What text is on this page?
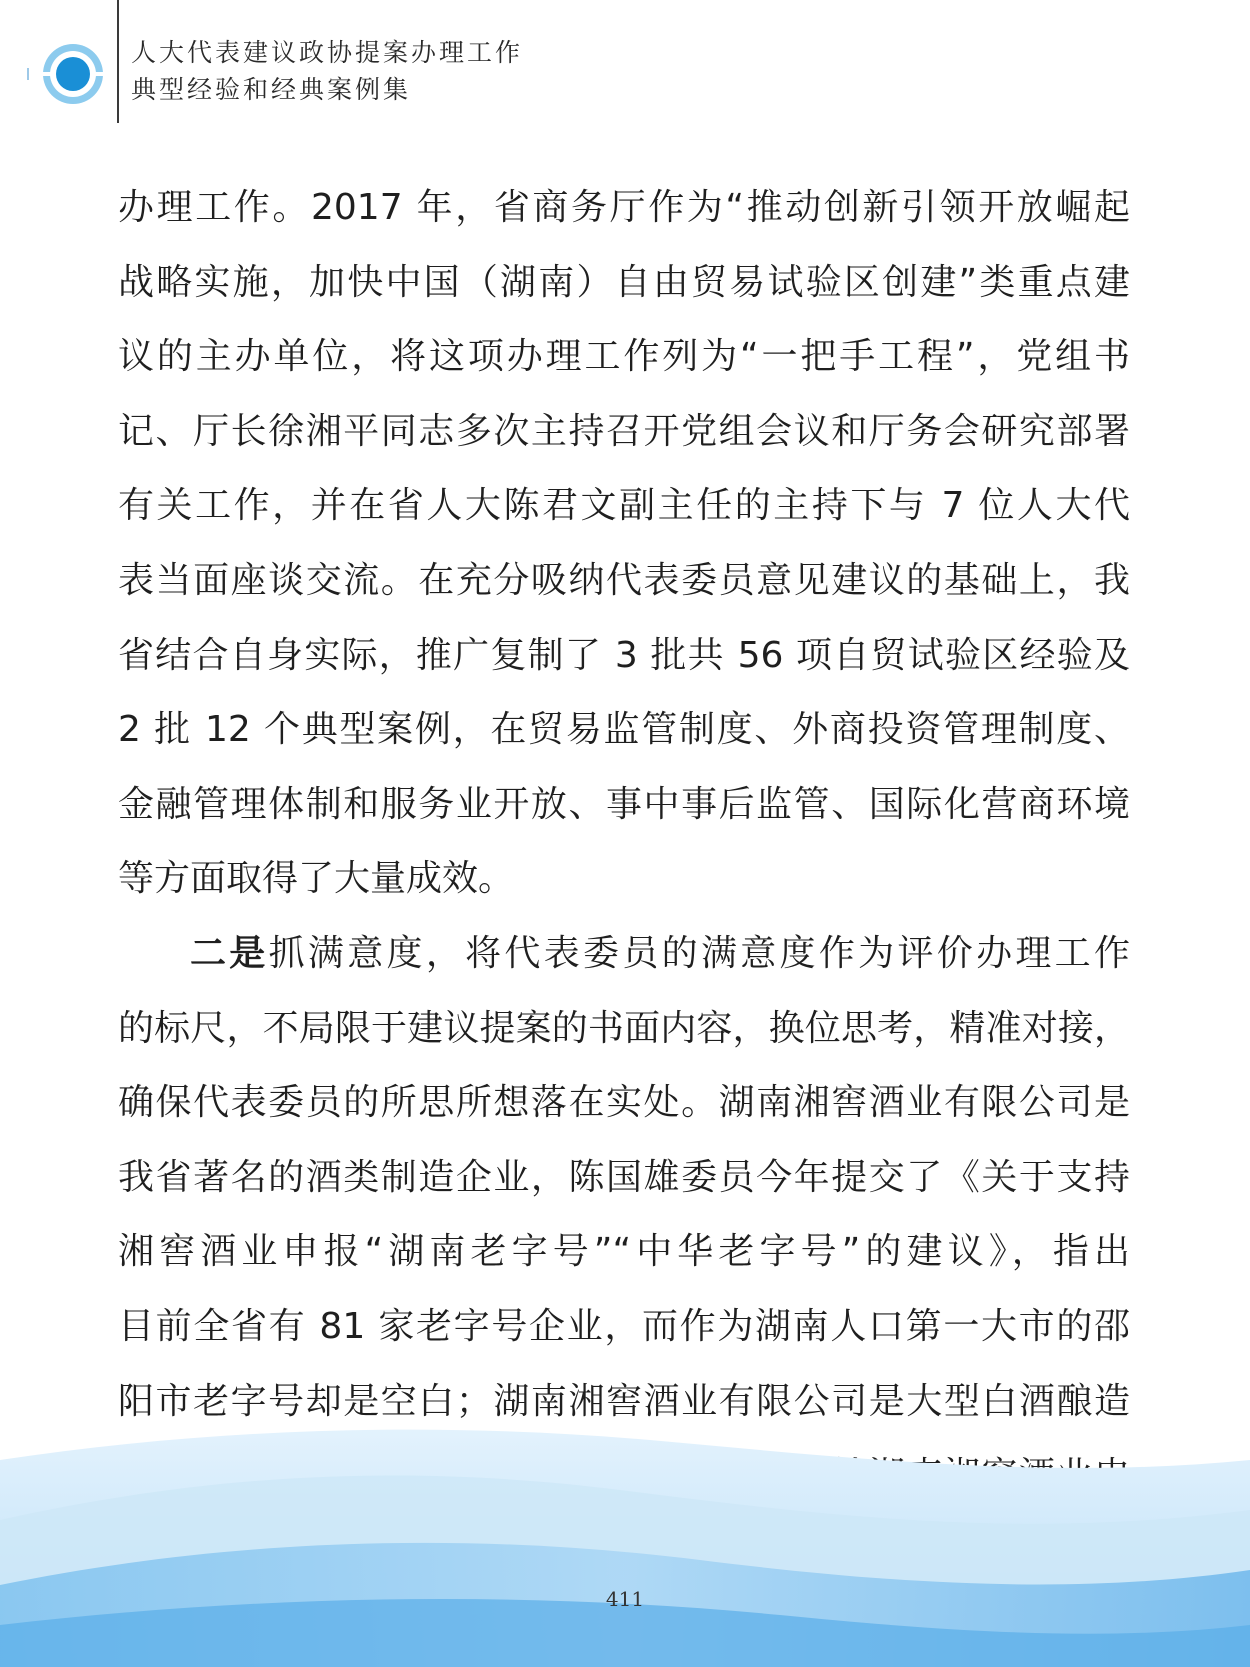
人大代表建议政协提案办理工作
典型经验和经典案例集

办理工作。2017 年，省商务厅作为“推动创新引领开放崛起

战略实施，加快中国（湖南）自由贸易试验区创建”类重点建

议的主办单位，将这项办理工作列为“一把手工程”，党组书

记、厅长徐湘平同志多次主持召开党组会议和厅务会研究部署

有关工作，并在省人大陈君文副主任的主持下与 7 位人大代

表当面座谈交流。在充分吸纳代表委员意见建议的基础上，我

省结合自身实际，推广复制了 3 批共 56 项自贸试验区经验及

2 批 12 个典型案例，在贸易监管制度、外商投资管理制度、

金融管理体制和服务业开放、事中事后监管、国际化营商环境

等方面取得了大量成效。

二是抓满意度，将代表委员的满意度作为评价办理工作

的标尺，不局限于建议提案的书面内容，换位思考，精准对接，

确保代表委员的所思所想落在实处。湖南湘窖酒业有限公司是

我省著名的酒类制造企业，陈国雄委员今年提交了《关于支持

湘窖酒业申报“湖南老字号”“中华老字号”的建议》，指出

目前全省有 81 家老字号企业，而作为湖南人口第一大市的邵

阳市老字号却是空白；湖南湘窖酒业有限公司是大型白酒酿造

411
